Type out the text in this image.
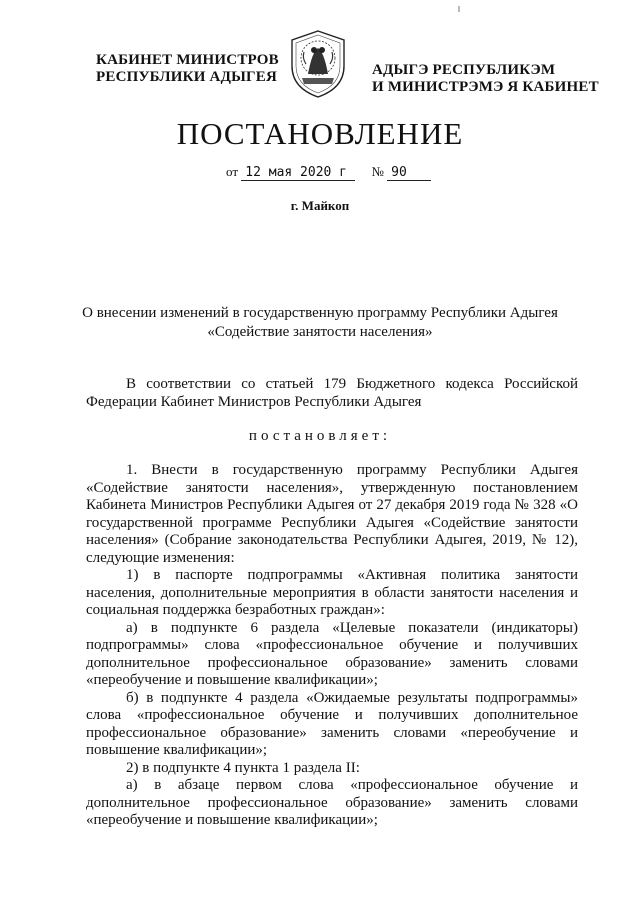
КАБИНЕТ МИНИСТРОВ
РЕСПУБЛИКИ АДЫГЕЯ	АДЫГЭ РЕСПУБЛИКЭМ
И МИНИСТРЭМЭ Я КАБИНЕТ
ПОСТАНОВЛЕНИЕ
от 12 мая 2020 г № 90
г. Майкоп
О внесении изменений в государственную программу Республики Адыгея
«Содействие занятости населения»

В соответствии со статьей 179 Бюджетного кодекса Российской Федерации Кабинет Министров Республики Адыгея

постановляет:

1. Внести в государственную программу Республики Адыгея «Содействие занятости населения», утвержденную постановлением Кабинета Министров Республики Адыгея от 27 декабря 2019 года № 328 «О государственной программе Республики Адыгея «Содействие занятости населения» (Собрание законодательства Республики Адыгея, 2019, № 12), следующие изменения:

1) в паспорте подпрограммы «Активная политика занятости населения, дополнительные мероприятия в области занятости населения и социальная поддержка безработных граждан»:

а) в подпункте 6 раздела «Целевые показатели (индикаторы) подпрограммы» слова «профессиональное обучение и получивших дополнительное профессиональное образование» заменить словами «переобучение и повышение квалификации»;

б) в подпункте 4 раздела «Ожидаемые результаты подпрограммы» слова «профессиональное обучение и получивших дополнительное профессиональное образование» заменить словами «переобучение и повышение квалификации»;

2) в подпункте 4 пункта 1 раздела II:

а) в абзаце первом слова «профессиональное обучение и дополнительное профессиональное образование» заменить словами «переобучение и повышение квалификации»;
